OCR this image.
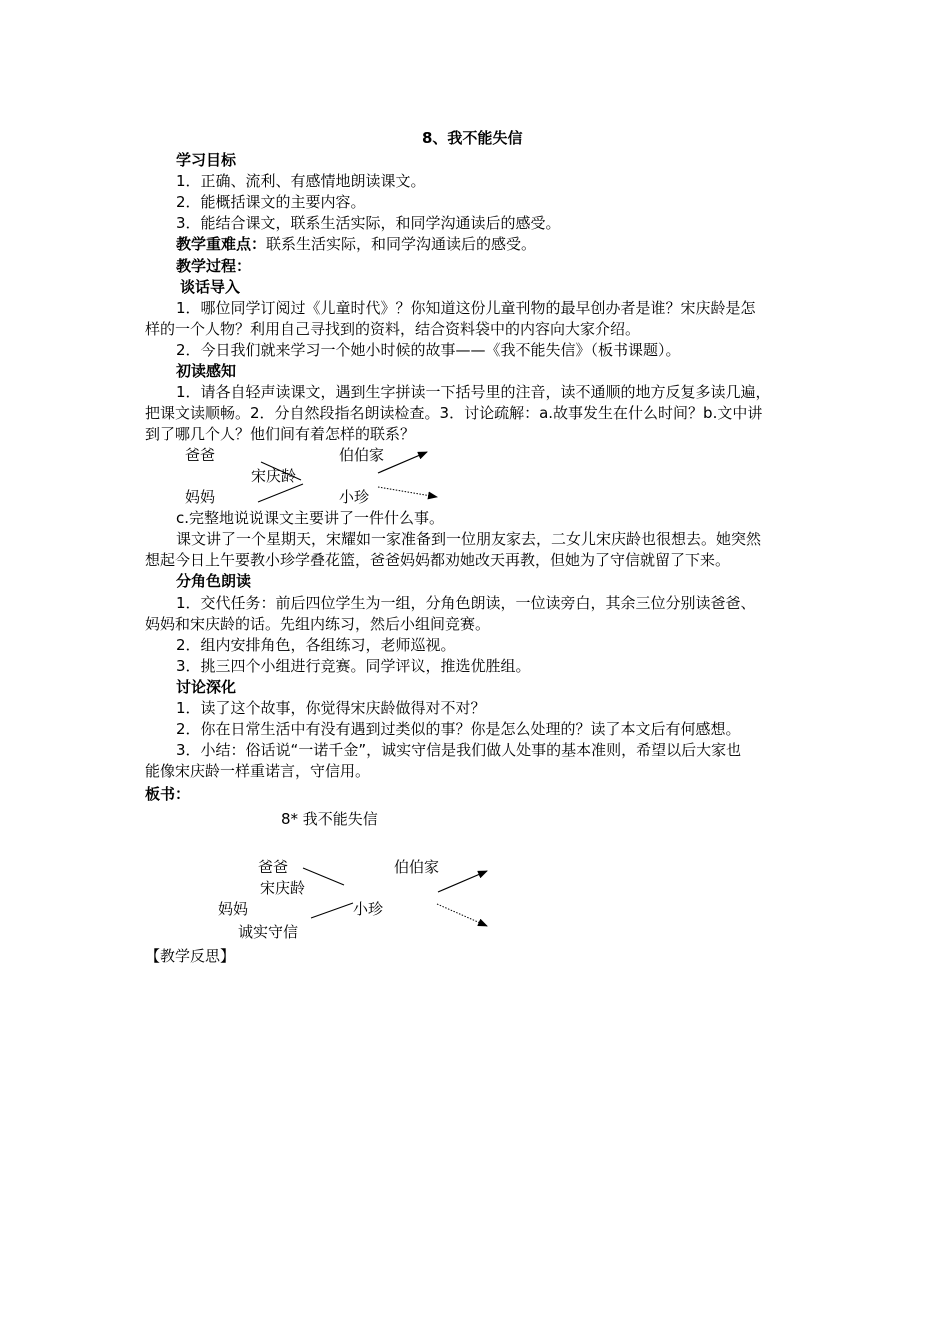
8、我不能失信
学习目标
1．正确、流利、有感情地朗读课文。
2．能概括课文的主要内容。
3．能结合课文，联系生活实际，和同学沟通读后的感受。
教学重难点：联系生活实际，和同学沟通读后的感受。
教学过程：
谈话导入
1．哪位同学订阅过《儿童时代》？你知道这份儿童刊物的最早创办者是谁？宋庆龄是怎
样的一个人物？利用自己寻找到的资料，结合资料袋中的内容向大家介绍。
2．今日我们就来学习一个她小时候的故事——《我不能失信》（板书课题）。
初读感知
1．请各自轻声读课文，遇到生字拼读一下括号里的注音，读不通顺的地方反复多读几遍，
把课文读顺畅。2．分自然段指名朗读检查。3．讨论疏解：a.故事发生在什么时间？b.文中讲
到了哪几个人？他们间有着怎样的联系？
爸爸	伯伯家
宋庆龄
妈妈	小珍
c.完整地说说课文主要讲了一件什么事。
课文讲了一个星期天，宋耀如一家准备到一位朋友家去，二女儿宋庆龄也很想去。她突然
想起今日上午要教小珍学叠花篮，爸爸妈妈都劝她改天再教，但她为了守信就留了下来。
分角色朗读
1．交代任务：前后四位学生为一组，分角色朗读，一位读旁白，其余三位分别读爸爸、
妈妈和宋庆龄的话。先组内练习，然后小组间竞赛。
2．组内安排角色，各组练习，老师巡视。
3．挑三四个小组进行竞赛。同学评议，推选优胜组。
讨论深化
1．读了这个故事，你觉得宋庆龄做得对不对？
2．你在日常生活中有没有遇到过类似的事？你是怎么处理的？读了本文后有何感想。
3．小结：俗话说“一诺千金”，诚实守信是我们做人处事的基本准则，希望以后大家也
能像宋庆龄一样重诺言，守信用。
板书：
8* 我不能失信
爸爸	伯伯家
宋庆龄
妈妈	小珍
诚实守信
【教学反思】
